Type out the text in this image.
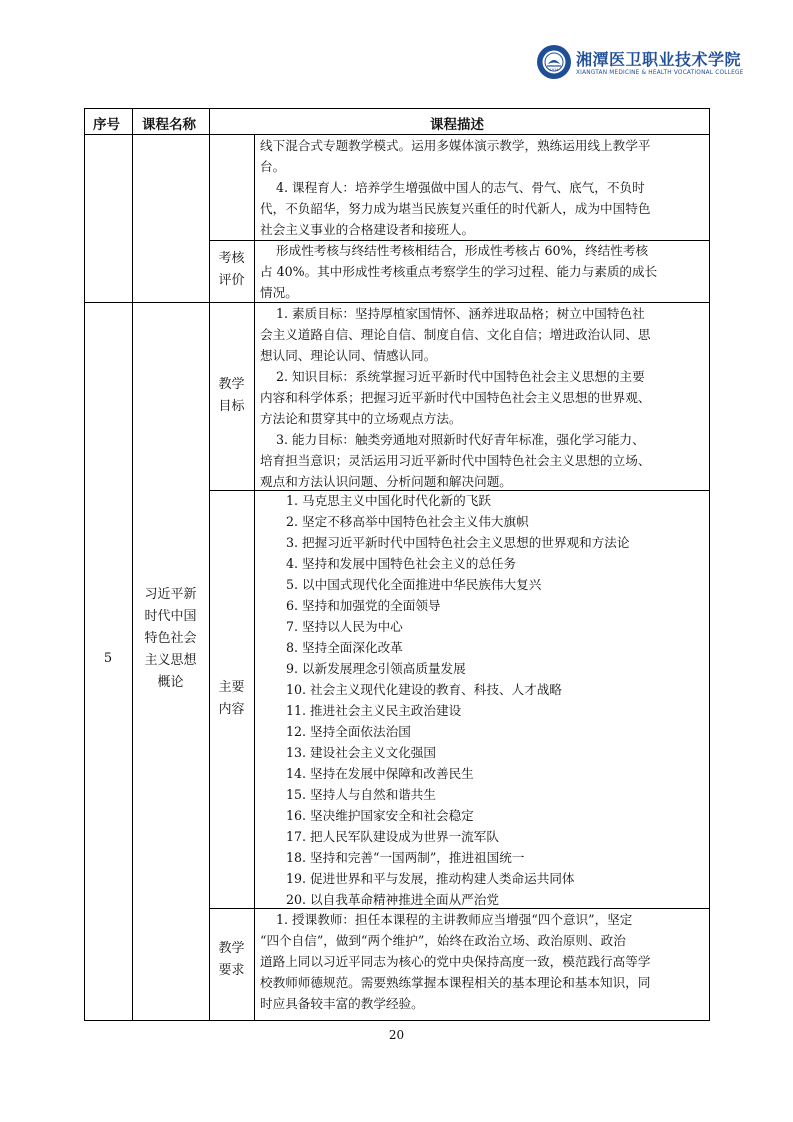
1934
湘潭医卫职业技术学院
XIANGTAN MEDICINE & HEALTH VOCATIONAL COLLEGE
序号 课程名称	课程描述
线下混合式专题教学模式。运用多媒体演示教学，熟练运用线上教学平
台。
4. 课程育人：培养学生增强做中国人的志气、骨气、底气，不负时
代，不负韶华，努力成为堪当民族复兴重任的时代新人，成为中国特色
社会主义事业的合格建设者和接班人。
考核
评价
形成性考核与终结性考核相结合，形成性考核占 60%，终结性考核
占 40%。其中形成性考核重点考察学生的学习过程、能力与素质的成长
情况。
5
习近平新
时代中国
特色社会
主义思想
概论
教学
目标
1. 素质目标：坚持厚植家国情怀、涵养进取品格；树立中国特色社
会主义道路自信、理论自信、制度自信、文化自信；增进政治认同、思
想认同、理论认同、情感认同。
2. 知识目标：系统掌握习近平新时代中国特色社会主义思想的主要
内容和科学体系；把握习近平新时代中国特色社会主义思想的世界观、
方法论和贯穿其中的立场观点方法。
3. 能力目标：触类旁通地对照新时代好青年标准，强化学习能力、
培育担当意识；灵活运用习近平新时代中国特色社会主义思想的立场、
观点和方法认识问题、分析问题和解决问题。
主要
内容
1. 马克思主义中国化时代化新的飞跃
2. 坚定不移高举中国特色社会主义伟大旗帜
3. 把握习近平新时代中国特色社会主义思想的世界观和方法论
4. 坚持和发展中国特色社会主义的总任务
5. 以中国式现代化全面推进中华民族伟大复兴
6. 坚持和加强党的全面领导
7. 坚持以人民为中心
8. 坚持全面深化改革
9. 以新发展理念引领高质量发展
10. 社会主义现代化建设的教育、科技、人才战略
11. 推进社会主义民主政治建设
12. 坚持全面依法治国
13. 建设社会主义文化强国
14. 坚持在发展中保障和改善民生
15. 坚持人与自然和谐共生
16. 坚决维护国家安全和社会稳定
17. 把人民军队建设成为世界一流军队
18. 坚持和完善“一国两制”，推进祖国统一
19. 促进世界和平与发展，推动构建人类命运共同体
20. 以自我革命精神推进全面从严治党
教学
要求
1. 授课教师：担任本课程的主讲教师应当增强“四个意识”，坚定
“四个自信”，做到“两个维护”，始终在政治立场、政治原则、政治
道路上同以习近平同志为核心的党中央保持高度一致，模范践行高等学
校教师师德规范。需要熟练掌握本课程相关的基本理论和基本知识，同
时应具备较丰富的教学经验。
20
